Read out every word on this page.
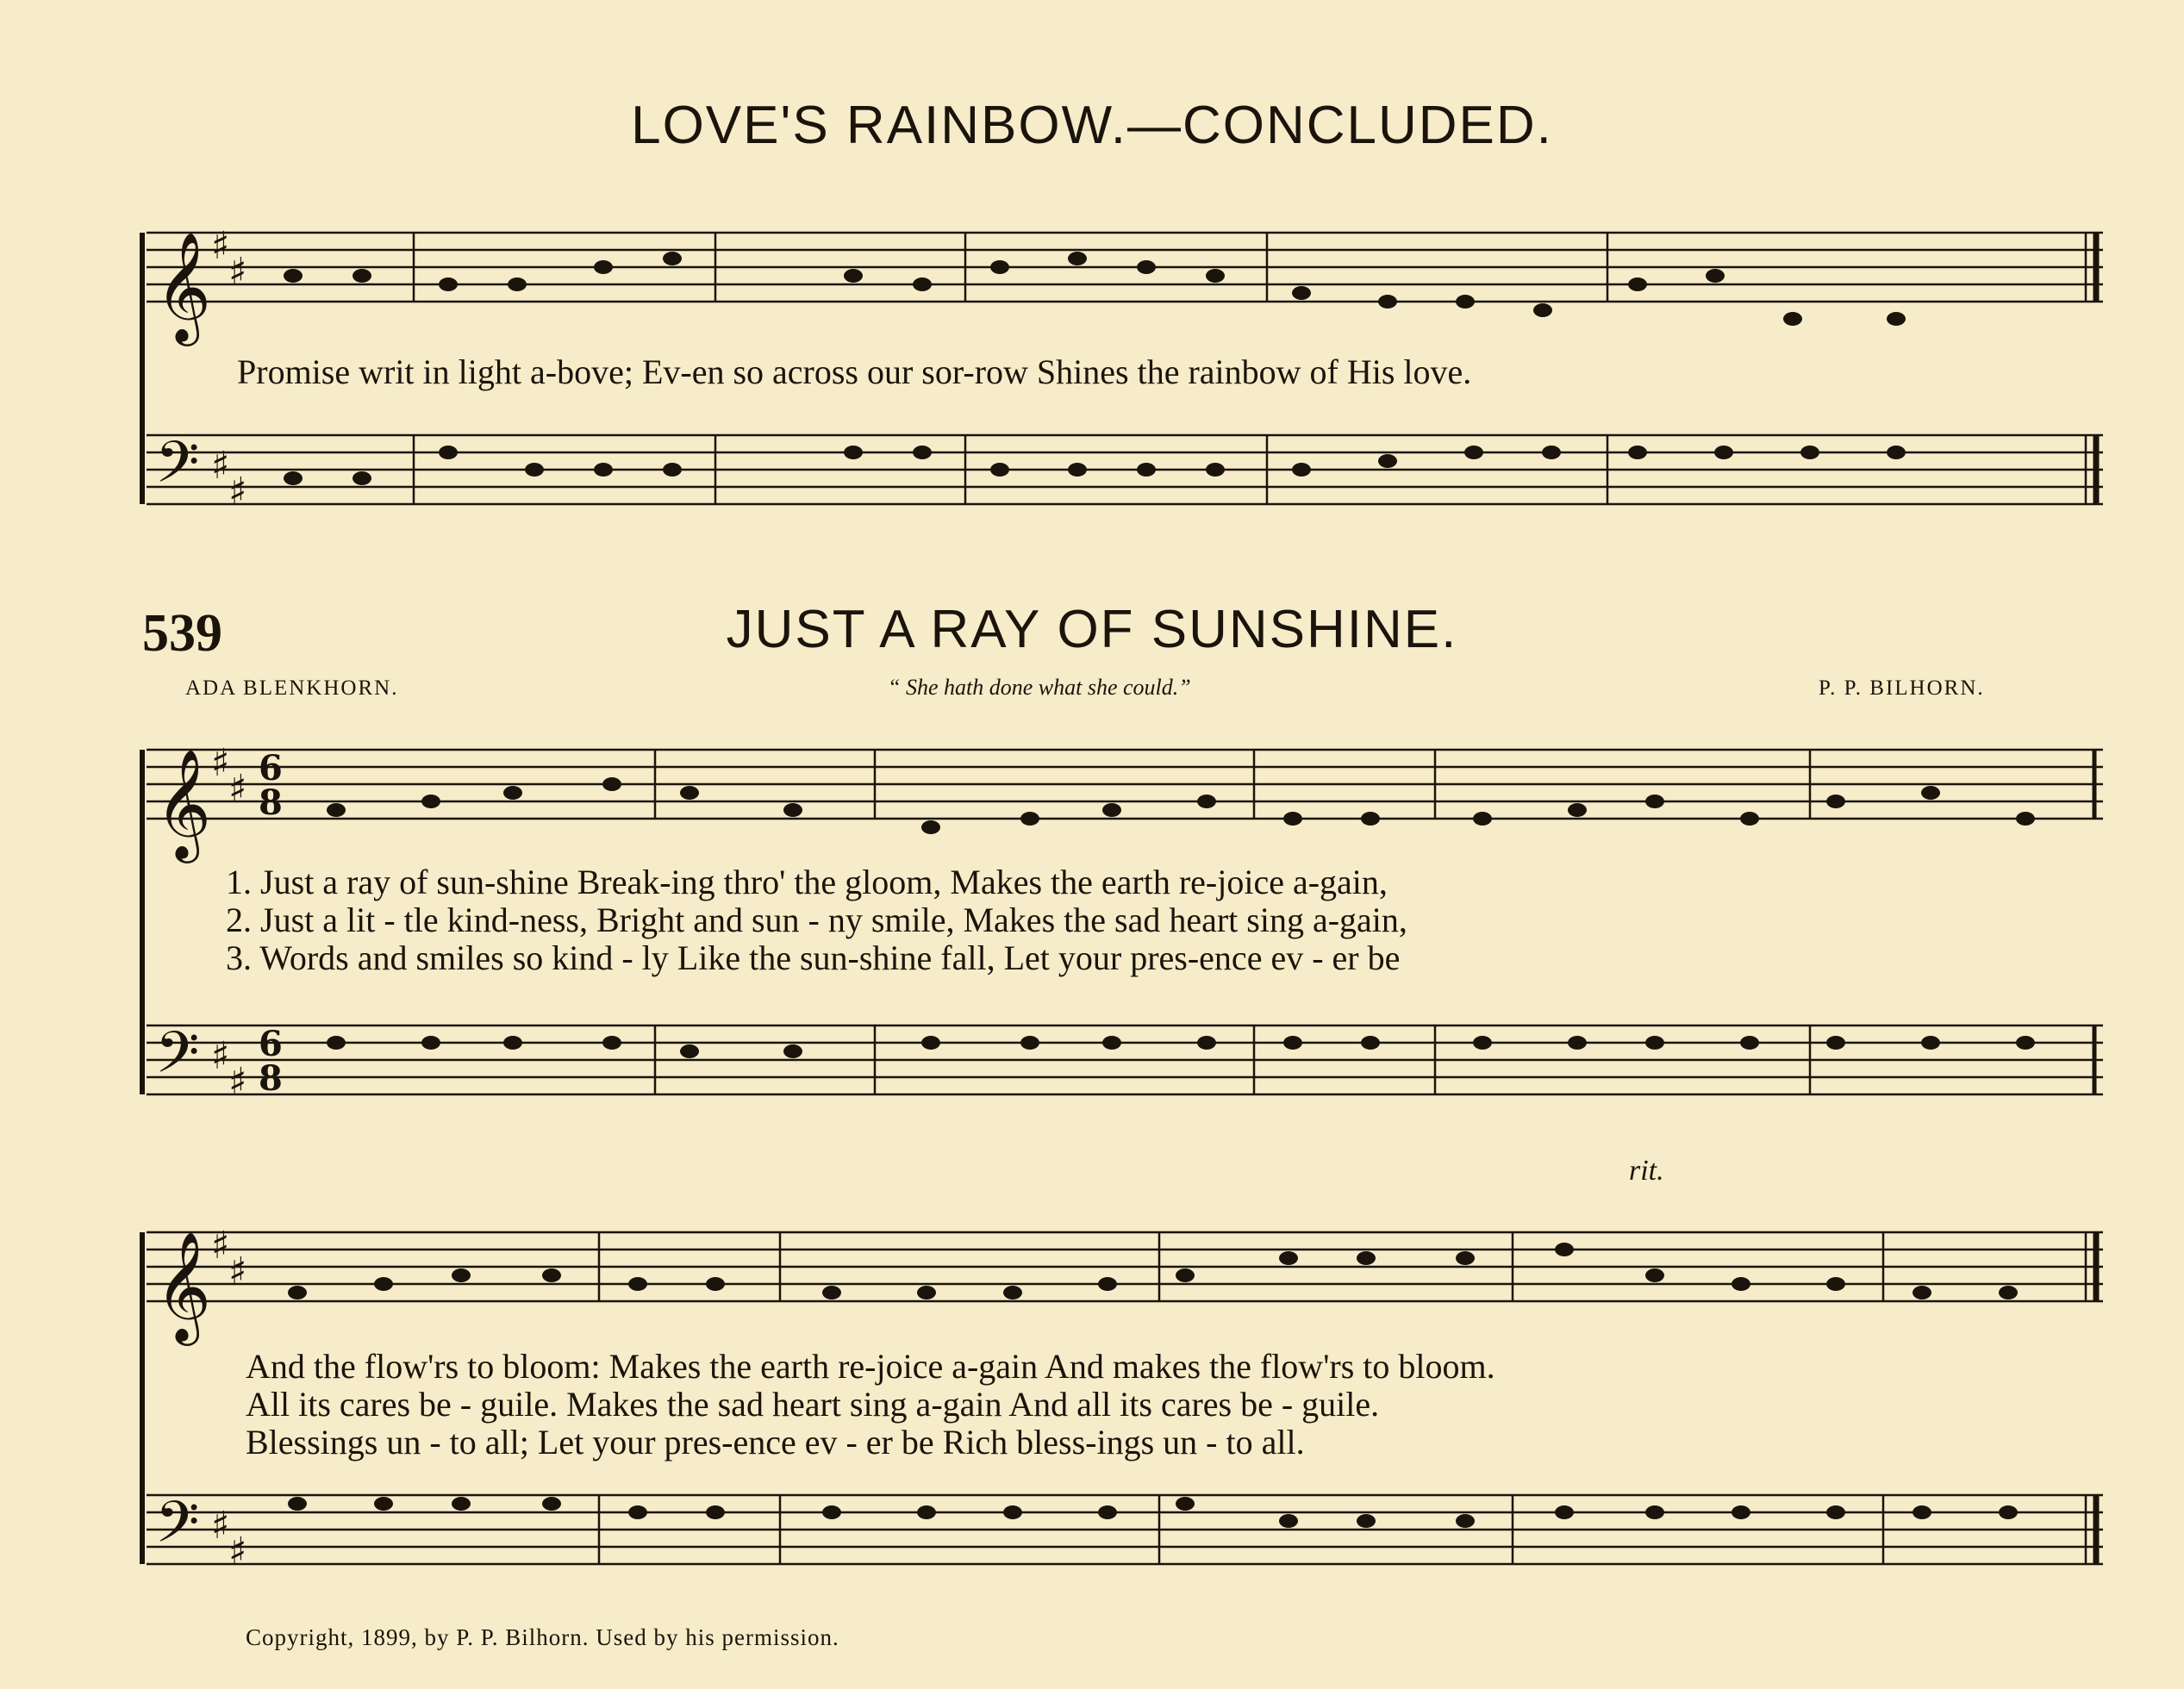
𝄞
𝄢
𝄞
𝄢
𝄞
𝄢
♯
♯
♯
♯
♯
♯
♯
♯
♯
♯
♯
♯
6
8
6
8
LOVE'S RAINBOW.—CONCLUDED.
Promise writ in light a-bove; Ev-en so across our sor-row Shines the rainbow of His love.
539	JUST A RAY OF SUNSHINE.
ADA BLENKHORN.	“ She hath done what she could.”	P. P. BILHORN.
1. Just a ray of sun-shine Break-ing thro' the gloom, Makes the earth re-joice a-gain,
2. Just a lit - tle kind-ness, Bright and sun - ny smile, Makes the sad heart sing a-gain,
3. Words and smiles so kind - ly Like the sun-shine fall, Let your pres-ence ev - er be
rit.
And the flow'rs to bloom: Makes the earth re-joice a-gain And makes the flow'rs to bloom.
All its cares be - guile. Makes the sad heart sing a-gain And all its cares be - guile.
Blessings un - to all; Let your pres-ence ev - er be Rich bless-ings un - to all.
Copyright, 1899, by P. P. Bilhorn. Used by his permission.
